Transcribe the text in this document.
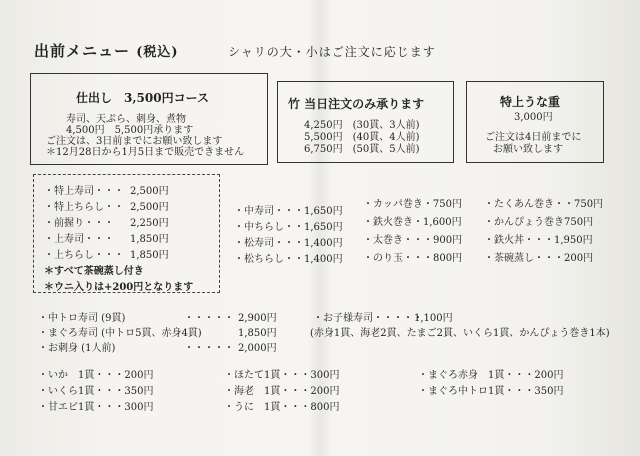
出前メニュー (税込)	シャリの大・小はご注文に応じます
仕出し　3,500円コース
寿司、天ぷら、刺身、煮物
4,500円　5,500円承ります
ご注文は、3日前までにお願い致します
＊12月28日から1月5日まで販売できません
竹 当日注文のみ承ります
4,250円　(30貫、3人前)
5,500円　(40貫、4人前)
6,750円　(50貫、5人前)
特上うな重
3,000円
ご注文は4日前までに
お願い致します
・特上寿司・・・ 2,500円
・特上ちらし・・ 2,500円
・前握り・・・ 2,250円
・上寿司・・・ 1,850円
・上ちらし・・・ 1,850円
＊すべて茶碗蒸し付き
＊ウニ入りは+200円となります
・中寿司・・・1,650円
・中ちらし・・1,650円
・松寿司・・・1,400円
・松ちらし・・1,400円
・カッパ巻き・750円
・鉄火巻き・1,600円
・太巻き・・・900円
・のり玉・・・800円
・たくあん巻き・・750円
・かんぴょう巻き750円
・鉄火丼・・・1,950円
・茶碗蒸し・・・200円
・中トロ寿司 (9貫)	・・・・・ 2,900円
・まぐろ寿司 (中トロ5貫、赤身4貫)	1,850円
・お刺身 (1人前)	・・・・・ 2,000円
・お子様寿司・・・・・
1,100円
(赤身1貫、海老2貫、たまご2貫、いくら1貫、かんぴょう巻き1本)
・いか　1貫・・・200円
・いくら1貫・・・350円
・甘エビ1貫・・・300円
・ほたて1貫・・・300円
・海老　1貫・・・200円
・うに　1貫・・・800円
・まぐろ赤身　1貫・・・200円
・まぐろ中トロ1貫・・・350円
